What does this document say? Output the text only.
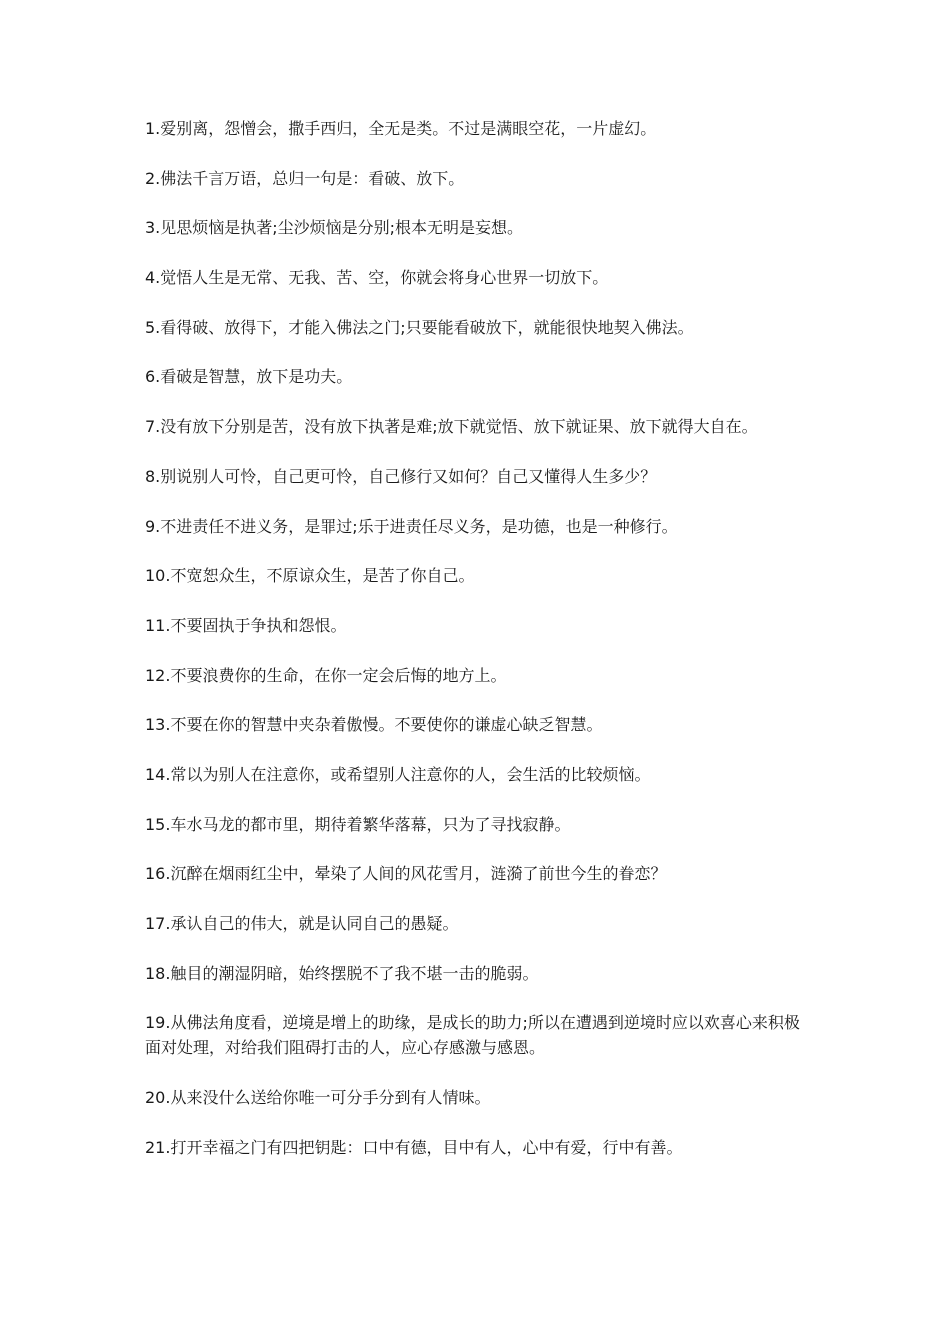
1.爱别离，怨憎会，撒手西归，全无是类。不过是满眼空花，一片虚幻。

2.佛法千言万语，总归一句是：看破、放下。

3.见思烦恼是执著;尘沙烦恼是分别;根本无明是妄想。

4.觉悟人生是无常、无我、苦、空，你就会将身心世界一切放下。

5.看得破、放得下，才能入佛法之门;只要能看破放下，就能很快地契入佛法。

6.看破是智慧，放下是功夫。

7.没有放下分别是苦，没有放下执著是难;放下就觉悟、放下就证果、放下就得大自在。

8.别说别人可怜，自己更可怜，自己修行又如何？自己又懂得人生多少？

9.不进责任不进义务，是罪过;乐于进责任尽义务，是功德，也是一种修行。

10.不宽恕众生，不原谅众生，是苦了你自己。

11.不要固执于争执和怨恨。

12.不要浪费你的生命，在你一定会后悔的地方上。

13.不要在你的智慧中夹杂着傲慢。不要使你的谦虚心缺乏智慧。

14.常以为别人在注意你，或希望别人注意你的人，会生活的比较烦恼。

15.车水马龙的都市里，期待着繁华落幕，只为了寻找寂静。

16.沉醉在烟雨红尘中，晕染了人间的风花雪月，涟漪了前世今生的眷恋？

17.承认自己的伟大，就是认同自己的愚疑。

18.触目的潮湿阴暗，始终摆脱不了我不堪一击的脆弱。

19.从佛法角度看，逆境是增上的助缘，是成长的助力;所以在遭遇到逆境时应以欢喜心来积极面对处理，对给我们阻碍打击的人，应心存感激与感恩。

20.从来没什么送给你唯一可分手分到有人情味。

21.打开幸福之门有四把钥匙：口中有德，目中有人，心中有爱，行中有善。
